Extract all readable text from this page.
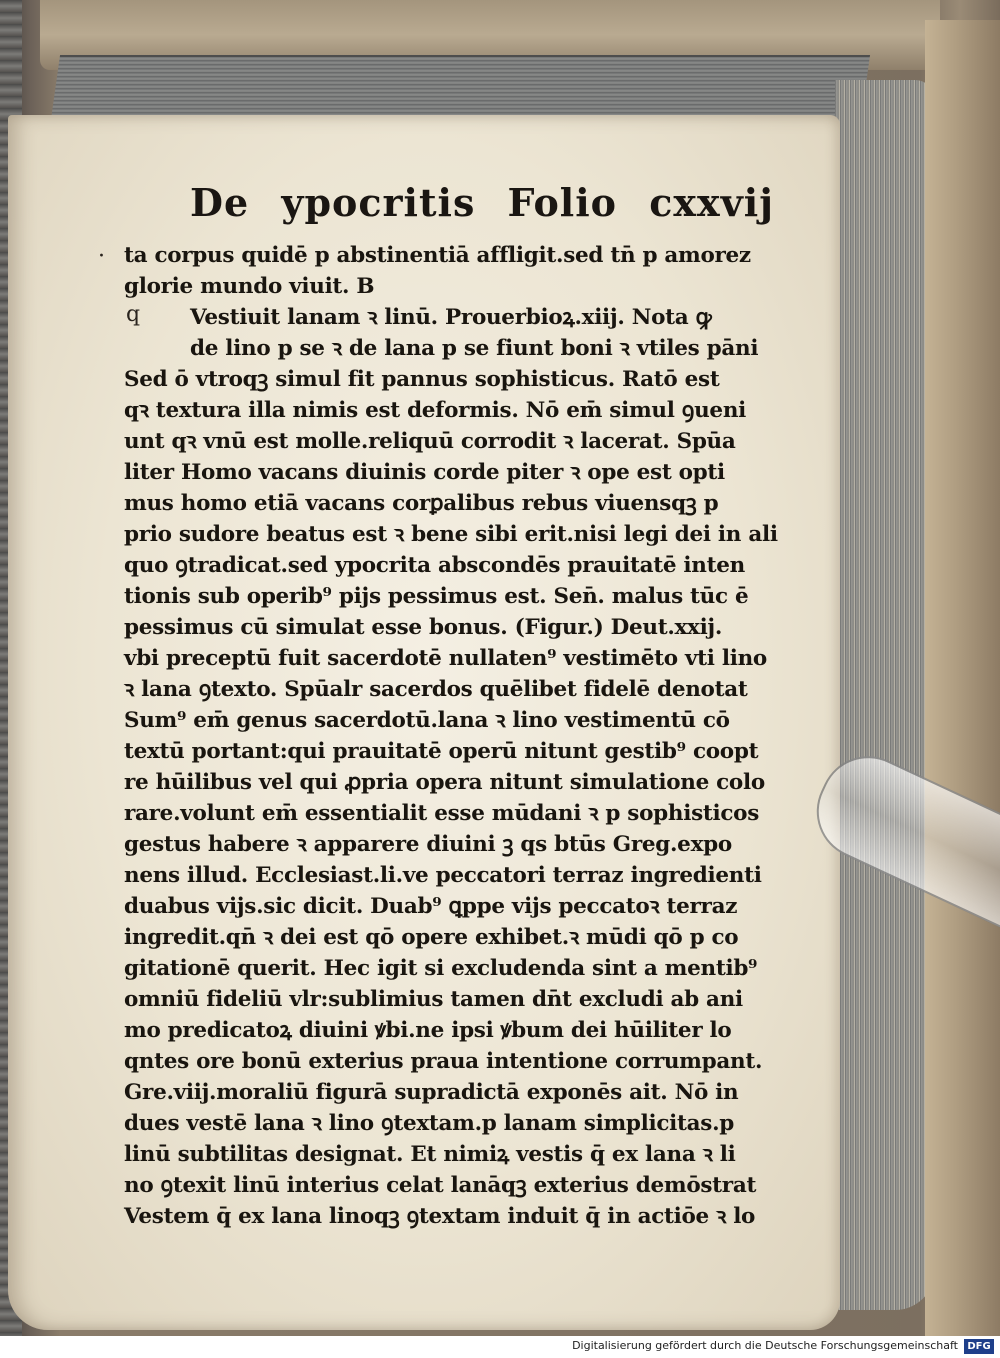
De ypocritis Folio cxxvij
·
q
ta corpus quidē p abstinentiā affligit.sed tn̄ p amorez
glorie mundo viuit. B
Vestiuit lanam ꝛ linū. Prouerbioꝝ.xiij. Nota ꝙ
de lino p se ꝛ de lana p se fiunt boni ꝛ vtiles pāni
Sed ō vtroqꝫ simul fit pannus sophisticus. Ratō est
qꝛ textura illa nimis est deformis. Nō em̄ simul ꝯueni
unt qꝛ vnū est molle.reliquū corrodit ꝛ lacerat. Spūa
liter Homo vacans diuinis corde piter ꝛ ope est opti
mus homo etiā vacans corꝑalibus rebus viuensqꝫ p
prio sudore beatus est ꝛ bene sibi erit.nisi legi dei in ali
quo ꝯtradicat.sed ypocrita abscondēs prauitatē inten
tionis sub operib⁹ pijs pessimus est. Sen̄. malus tūc ē
pessimus cū simulat esse bonus. (Figur.) Deut.xxij.
vbi preceptū fuit sacerdotē nullaten⁹ vestimēto vti lino
ꝛ lana ꝯtexto. Spūalr sacerdos quēlibet fidelē denotat
Sum⁹ em̄ genus sacerdotū.lana ꝛ lino vestimentū cō
textū portant:qui prauitatē operū nitunt gestib⁹ coopt
re hūilibus vel qui ꝓpria opera nitunt simulatione colo
rare.volunt em̄ essentialit esse mūdani ꝛ p sophisticos
gestus habere ꝛ apparere diuini ꝫ qs btūs Greg.expo
nens illud. Ecclesiast.li.ve peccatori terraz ingredienti
duabus vijs.sic dicit. Duab⁹ ꝗppe vijs peccatoꝛ terraz
ingredit.qn̄ ꝛ dei est qō opere exhibet.ꝛ mūdi qō p co
gitationē querit. Hec igit si excludenda sint a mentib⁹
omniū fideliū vlr:sublimius tamen dn̄t excludi ab ani
mo predicatoꝝ diuini ꝟbi.ne ipsi ꝟbum dei hūiliter lo
qntes ore bonū exterius praua intentione corrumpant.
Gre.viij.moraliū figurā supradictā exponēs ait. Nō in
dues vestē lana ꝛ lino ꝯtextam.p lanam simplicitas.p
linū subtilitas designat. Et nimiꝝ vestis q̄ ex lana ꝛ li
no ꝯtexit linū interius celat lanāqꝫ exterius demōstrat
Vestem q̄ ex lana linoqꝫ ꝯtextam induit q̄ in actiōe ꝛ lo
Digitalisierung gefördert durch die Deutsche Forschungsgemeinschaft DFG
